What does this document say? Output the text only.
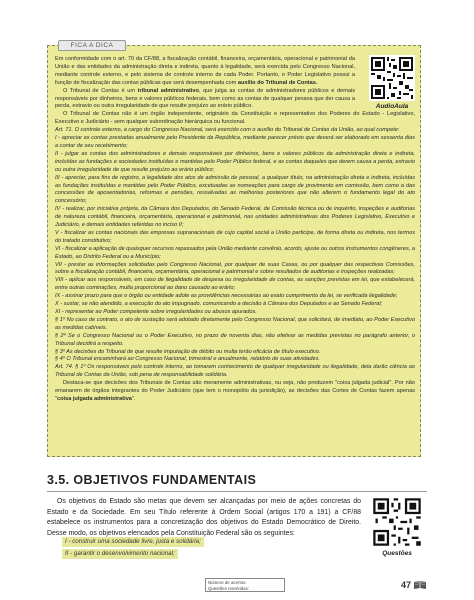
FICA A DICA
AudioAula

Em conformidade com o art. 70 da CF/88, a fiscalização contábil, financeira, orçamentária, operacional e patrimonial da União e das entidades da administração direta e indireta, quanto à legalidade, será exercida pelo Congresso Nacional, mediante controle externo, e pelo sistema de controle interno de cada Poder. Portanto, o Poder Legislativo possui a função de fiscalização das contas públicas que será desempenhada com auxílio do Tribunal de Contas.

O Tribunal de Contas é um tribunal administrativo, que julga as contas de administradores públicos e demais responsáveis por dinheiros, bens e valores públicos federais, bem como as contas de qualquer pessoa que der causa a perda, extravio ou outra irregularidade de que resulte prejuízo ao erário público.

O Tribunal de Contas não é um órgão independente, originário da Constituição e representativo dos Poderes do Estado - Legislativo, Executivo e Judiciário - sem qualquer subordinação hierárquica ou funcional.

Art. 71. O controle externo, a cargo do Congresso Nacional, será exercido com o auxílio do Tribunal de Contas da União, ao qual compete:

I - apreciar as contas prestadas anualmente pelo Presidente da República, mediante parecer prévio que deverá ser elaborado em sessenta dias a contar de seu recebimento;

II - julgar as contas dos administradores e demais responsáveis por dinheiros, bens e valores públicos da administração direta e indireta, incluídas as fundações e sociedades instituídas e mantidas pelo Poder Público federal, e as contas daqueles que derem causa a perda, extravio ou outra irregularidade de que resulte prejuízo ao erário público;

III - apreciar, para fins de registro, a legalidade dos atos de admissão de pessoal, a qualquer título, na administração direta e indireta, incluídas as fundações instituídas e mantidas pelo Poder Público, excetuadas as nomeações para cargo de provimento em comissão, bem como a das concessões de aposentadorias, reformas e pensões, ressalvadas as melhorias posteriores que não alterem o fundamento legal do ato concessório;

IV - realizar, por iniciativa própria, da Câmara dos Deputados, do Senado Federal, de Comissão técnica ou de inquérito, inspeções e auditorias de natureza contábil, financeira, orçamentária, operacional e patrimonial, nas unidades administrativas dos Poderes Legislativo, Executivo e Judiciário, e demais entidades referidas no inciso II;

V - fiscalizar as contas nacionais das empresas supranacionais de cujo capital social a União participe, de forma direta ou indireta, nos termos do tratado constitutivo;

VI - fiscalizar a aplicação de quaisquer recursos repassados pela União mediante convênio, acordo, ajuste ou outros instrumentos congêneres, a Estado, ao Distrito Federal ou a Município;

VII - prestar as informações solicitadas pelo Congresso Nacional, por qualquer de suas Casas, ou por qualquer das respectivas Comissões, sobre a fiscalização contábil, financeira, orçamentária, operacional e patrimonial e sobre resultados de auditorias e inspeções realizadas;

VIII - aplicar aos responsáveis, em caso de ilegalidade de despesa ou irregularidade de contas, as sanções previstas em lei, que estabelecerá, entre outras cominações, multa proporcional ao dano causado ao erário;

IX - assinar prazo para que o órgão ou entidade adote as providências necessárias ao exato cumprimento da lei, se verificada ilegalidade;

X - sustar, se não atendido, a execução do ato impugnado, comunicando a decisão à Câmara dos Deputados e ao Senado Federal;

XI - representar ao Poder competente sobre irregularidades ou abusos apurados.

§ 1º No caso de contrato, o ato de sustação será adotado diretamente pelo Congresso Nacional, que solicitará, de imediato, ao Poder Executivo as medidas cabíveis.

§ 2º Se o Congresso Nacional ou o Poder Executivo, no prazo de noventa dias, não efetivar as medidas previstas no parágrafo anterior, o Tribunal decidirá a respeito.

§ 3º As decisões do Tribunal de que resulte imputação de débito ou multa terão eficácia de título executivo.

§ 4º O Tribunal encaminhará ao Congresso Nacional, trimestral e anualmente, relatório de suas atividades.

Art. 74. § 1º Os responsáveis pelo controle interno, ao tomarem conhecimento de qualquer irregularidade ou ilegalidade, dela darão ciência ao Tribunal de Contas da União, sob pena de responsabilidade solidária.

Destaca-se que decisões dos Tribunais de Contas são meramente administrativas, ou seja, não produzem "coisa julgada judicial". Por não emanarem de órgãos integrantes do Poder Judiciário (que tem o monopólio da jurisdição), as decisões das Cortes de Contas fazem apenas "coisa julgada administrativa".

3.5. OBJETIVOS FUNDAMENTAIS
Os objetivos do Estado são metas que devem ser alcançadas por meio de ações concretas do Estado e da Sociedade. Em seu Título referente à Ordem Social (artigos 170 a 191) a CF/88 estabelece os instrumentos para a concretização dos objetivos do Estado Democrático de Direito. Desse modo, os objetivos elencados pela Constituição Federal são os seguintes:
I - construir uma sociedade livre, justa e solidária;
II - garantir o desenvolvimento nacional;	Questões
Número de acertos:
Questões resolvidas:	47
